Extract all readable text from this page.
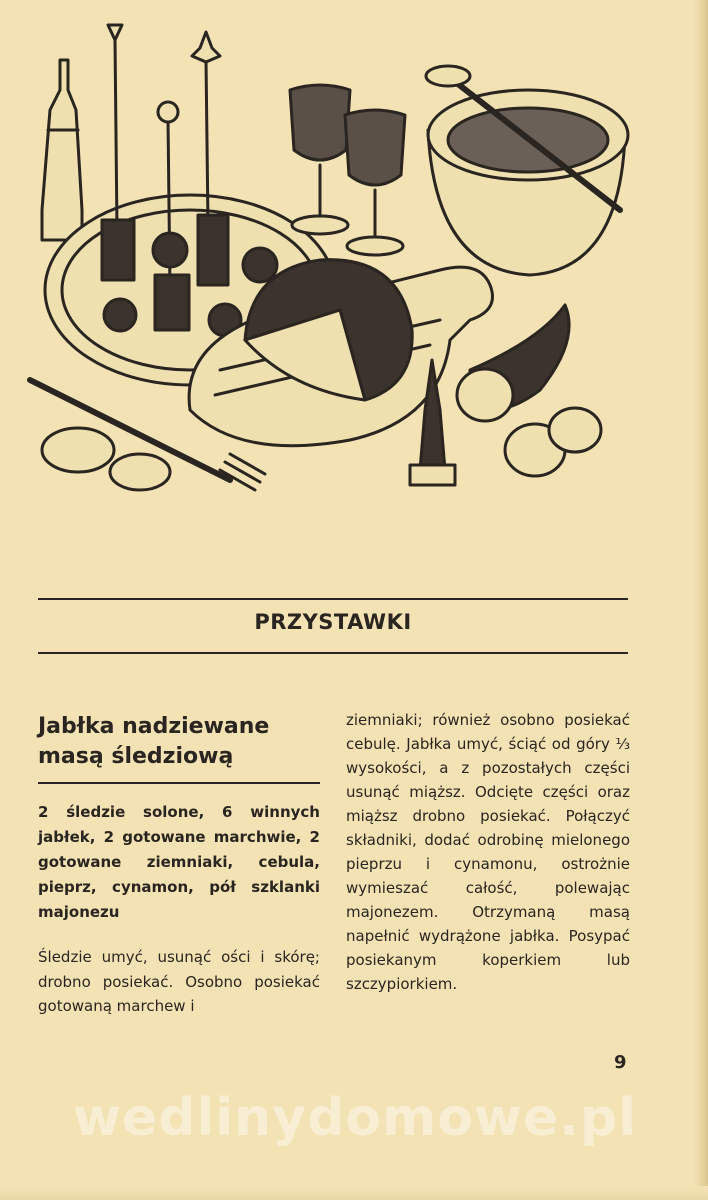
PRZYSTAWKI
Jabłka nadziewane
masą śledziową

2 śledzie solone, 6 winnych jabłek, 2 gotowane marchwie, 2 gotowane ziemniaki, cebula, pieprz, cynamon, pół szklanki majonezu

Śledzie umyć, usunąć ości i skórę; drobno posiekać. Osobno posiekać gotowaną marchew i

ziemniaki; również osobno posiekać cebulę. Jabłka umyć, ściąć od góry ⅓ wysokości, a z pozostałych części usunąć miąższ. Odcięte części oraz miąższ drobno posiekać. Połączyć składniki, dodać odrobinę mielonego pieprzu i cynamonu, ostrożnie wymieszać całość, polewając majonezem. Otrzymaną masą napełnić wydrążone jabłka. Posypać posiekanym koperkiem lub szczypiorkiem.

9
wedlinydomowe.pl
